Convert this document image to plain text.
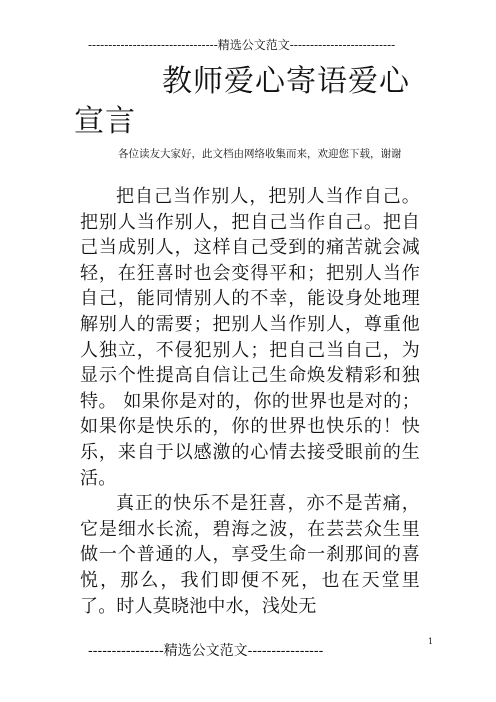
--------------------------------精选公文范文--------------------------
教师爱心寄语爱心
宣言
各位读友大家好，此文档由网络收集而来，欢迎您下载，谢谢

把自己当作别人，把别人当作自己。把别人当作别人，把自己当作自己。把自己当成别人，这样自己受到的痛苦就会减轻，在狂喜时也会变得平和；把别人当作自己，能同情别人的不幸，能设身处地理解别人的需要；把别人当作别人，尊重他人独立，不侵犯别人；把自己当自己，为显示个性提高自信让己生命焕发精彩和独特。 如果你是对的，你的世界也是对的；如果你是快乐的，你的世界也快乐的！快乐，来自于以感激的心情去接受眼前的生活。

真正的快乐不是狂喜，亦不是苦痛，它是细水长流，碧海之波，在芸芸众生里做一个普通的人，享受生命一刹那间的喜悦，那么，我们即便不死，也在天堂里了。时人莫晓池中水，浅处无

----------------精选公文范文----------------
1
